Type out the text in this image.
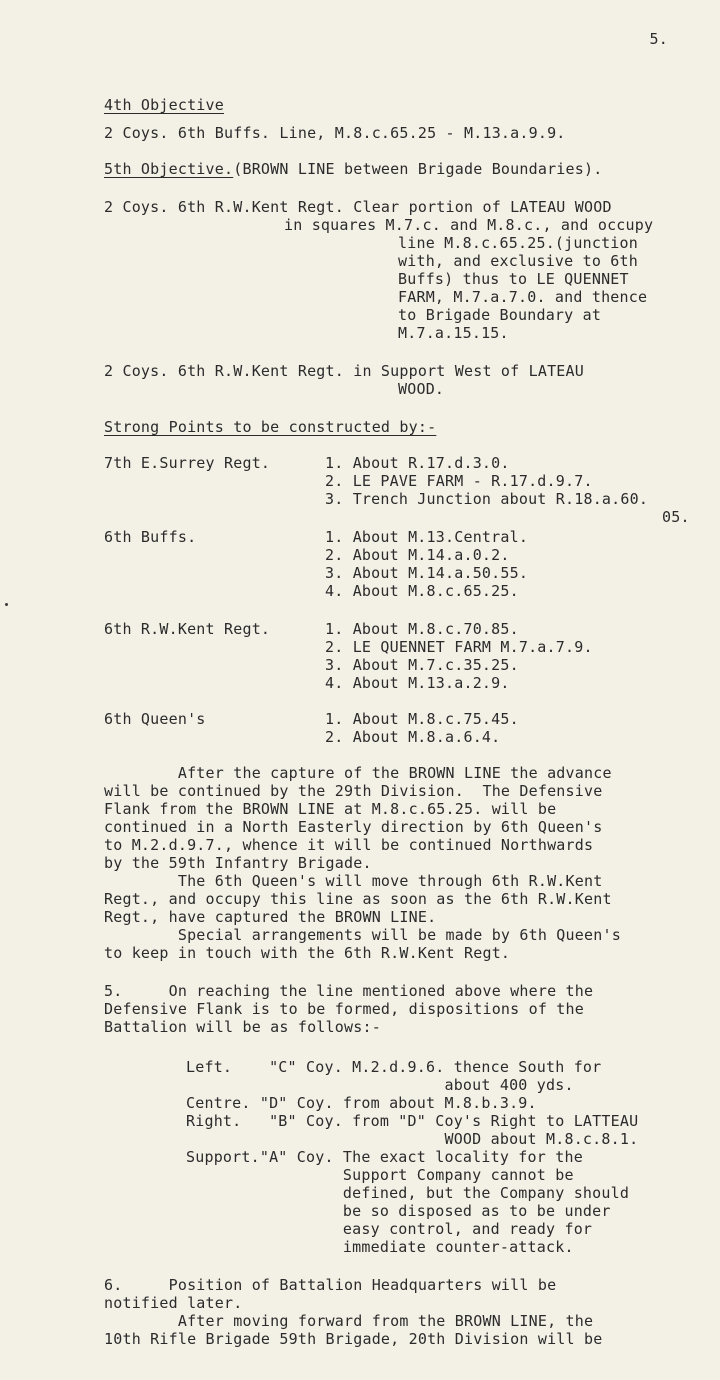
5.
4th Objective
2 Coys. 6th Buffs. Line, M.8.c.65.25 - M.13.a.9.9.
5th Objective.(BROWN LINE between Brigade Boundaries).
2 Coys. 6th R.W.Kent Regt. Clear portion of LATEAU WOOD
in squares M.7.c. and M.8.c., and occupy
line M.8.c.65.25.(junction
with, and exclusive to 6th
Buffs) thus to LE QUENNET
FARM, M.7.a.7.0. and thence
to Brigade Boundary at
M.7.a.15.15.
2 Coys. 6th R.W.Kent Regt. in Support West of LATEAU
WOOD.
Strong Points to be constructed by:-
7th E.Surrey Regt.	1. About R.17.d.3.0.
2. LE PAVE FARM - R.17.d.9.7.
3. Trench Junction about R.18.a.60.
05.
6th Buffs.	1. About M.13.Central.
2. About M.14.a.0.2.
3. About M.14.a.50.55.
4. About M.8.c.65.25.
6th R.W.Kent Regt.	1. About M.8.c.70.85.
2. LE QUENNET FARM M.7.a.7.9.
3. About M.7.c.35.25.
4. About M.13.a.2.9.
6th Queen's	1. About M.8.c.75.45.
2. About M.8.a.6.4.
After the capture of the BROWN LINE the advance
will be continued by the 29th Division.  The Defensive
Flank from the BROWN LINE at M.8.c.65.25. will be
continued in a North Easterly direction by 6th Queen's
to M.2.d.9.7., whence it will be continued Northwards
by the 59th Infantry Brigade.
The 6th Queen's will move through 6th R.W.Kent
Regt., and occupy this line as soon as the 6th R.W.Kent
Regt., have captured the BROWN LINE.
Special arrangements will be made by 6th Queen's
to keep in touch with the 6th R.W.Kent Regt.
5.     On reaching the line mentioned above where the
Defensive Flank is to be formed, dispositions of the
Battalion will be as follows:-
Left.    "C" Coy. M.2.d.9.6. thence South for
about 400 yds.
Centre. "D" Coy. from about M.8.b.3.9.
Right.   "B" Coy. from "D" Coy's Right to LATTEAU
WOOD about M.8.c.8.1.
Support."A" Coy. The exact locality for the
Support Company cannot be
defined, but the Company should
be so disposed as to be under
easy control, and ready for
immediate counter-attack.
6.     Position of Battalion Headquarters will be
notified later.
After moving forward from the BROWN LINE, the
10th Rifle Brigade 59th Brigade, 20th Division will be
